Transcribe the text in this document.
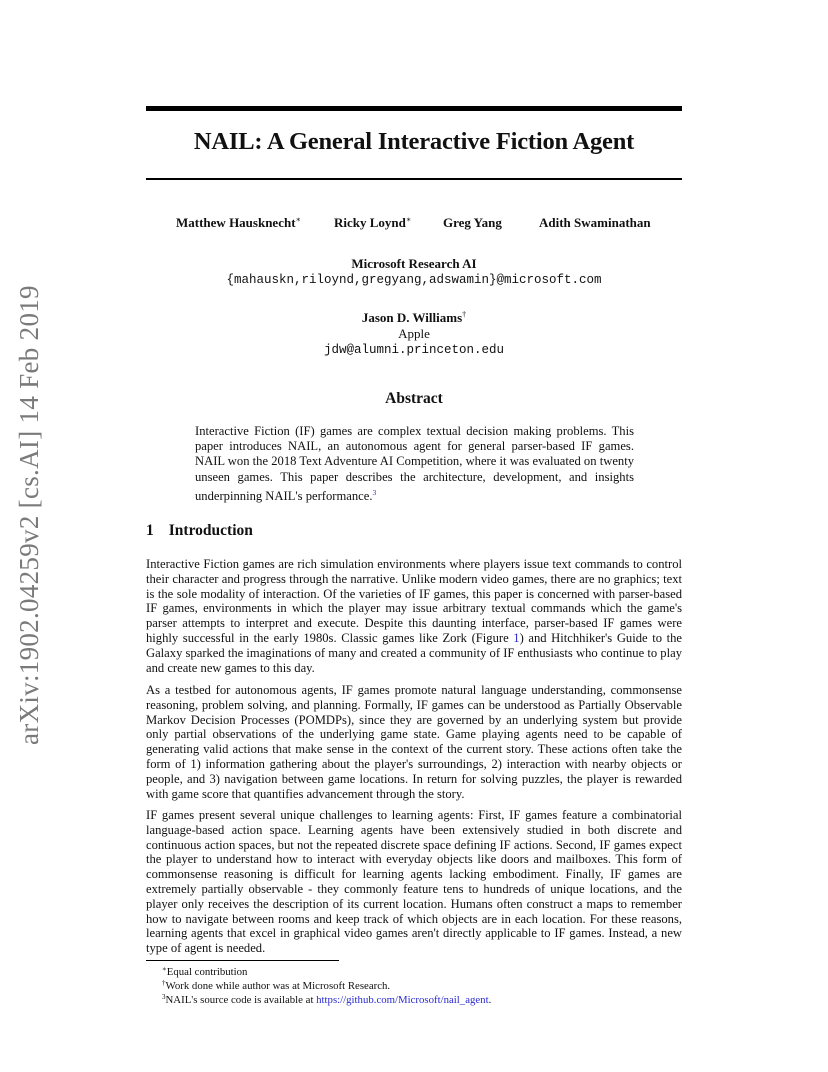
arXiv:1902.04259v2 [cs.AI] 14 Feb 2019
NAIL: A General Interactive Fiction Agent
Matthew Hausknecht∗	Ricky Loynd∗ Greg Yang	Adith Swaminathan
Microsoft Research AI
{mahauskn,riloynd,gregyang,adswamin}@microsoft.com
Jason D. Williams†
Apple
jdw@alumni.princeton.edu
Abstract
Interactive Fiction (IF) games are complex textual decision making problems. This paper introduces NAIL, an autonomous agent for general parser-based IF games. NAIL won the 2018 Text Adventure AI Competition, where it was evaluated on twenty unseen games. This paper describes the architecture, development, and insights underpinning NAIL's performance.$^3$
1 Introduction

Interactive Fiction games are rich simulation environments where players issue text commands to control their character and progress through the narrative. Unlike modern video games, there are no graphics; text is the sole modality of interaction. Of the varieties of IF games, this paper is concerned with parser-based IF games, environments in which the player may issue arbitrary textual commands which the game's parser attempts to interpret and execute. Despite this daunting interface, parser-based IF games were highly successful in the early 1980s. Classic games like Zork (Figure 1) and Hitchhiker's Guide to the Galaxy sparked the imaginations of many and created a community of IF enthusiasts who continue to play and create new games to this day.

As a testbed for autonomous agents, IF games promote natural language understanding, commonsense reasoning, problem solving, and planning. Formally, IF games can be understood as Partially Observable Markov Decision Processes (POMDPs), since they are governed by an underlying system but provide only partial observations of the underlying game state. Game playing agents need to be capable of generating valid actions that make sense in the context of the current story. These actions often take the form of 1) information gathering about the player's surroundings, 2) interaction with nearby objects or people, and 3) navigation between game locations. In return for solving puzzles, the player is rewarded with game score that quantifies advancement through the story.

IF games present several unique challenges to learning agents: First, IF games feature a combinatorial language-based action space. Learning agents have been extensively studied in both discrete and continuous action spaces, but not the repeated discrete space defining IF actions. Second, IF games expect the player to understand how to interact with everyday objects like doors and mailboxes. This form of commonsense reasoning is difficult for learning agents lacking embodiment. Finally, IF games are extremely partially observable - they commonly feature tens to hundreds of unique locations, and the player only receives the description of its current location. Humans often construct a maps to remember how to navigate between rooms and keep track of which objects are in each location. For these reasons, learning agents that excel in graphical video games aren't directly applicable to IF games. Instead, a new type of agent is needed.

∗Equal contribution
†Work done while author was at Microsoft Research.
$^3$NAIL's source code is available at https://github.com/Microsoft/nail_agent.
